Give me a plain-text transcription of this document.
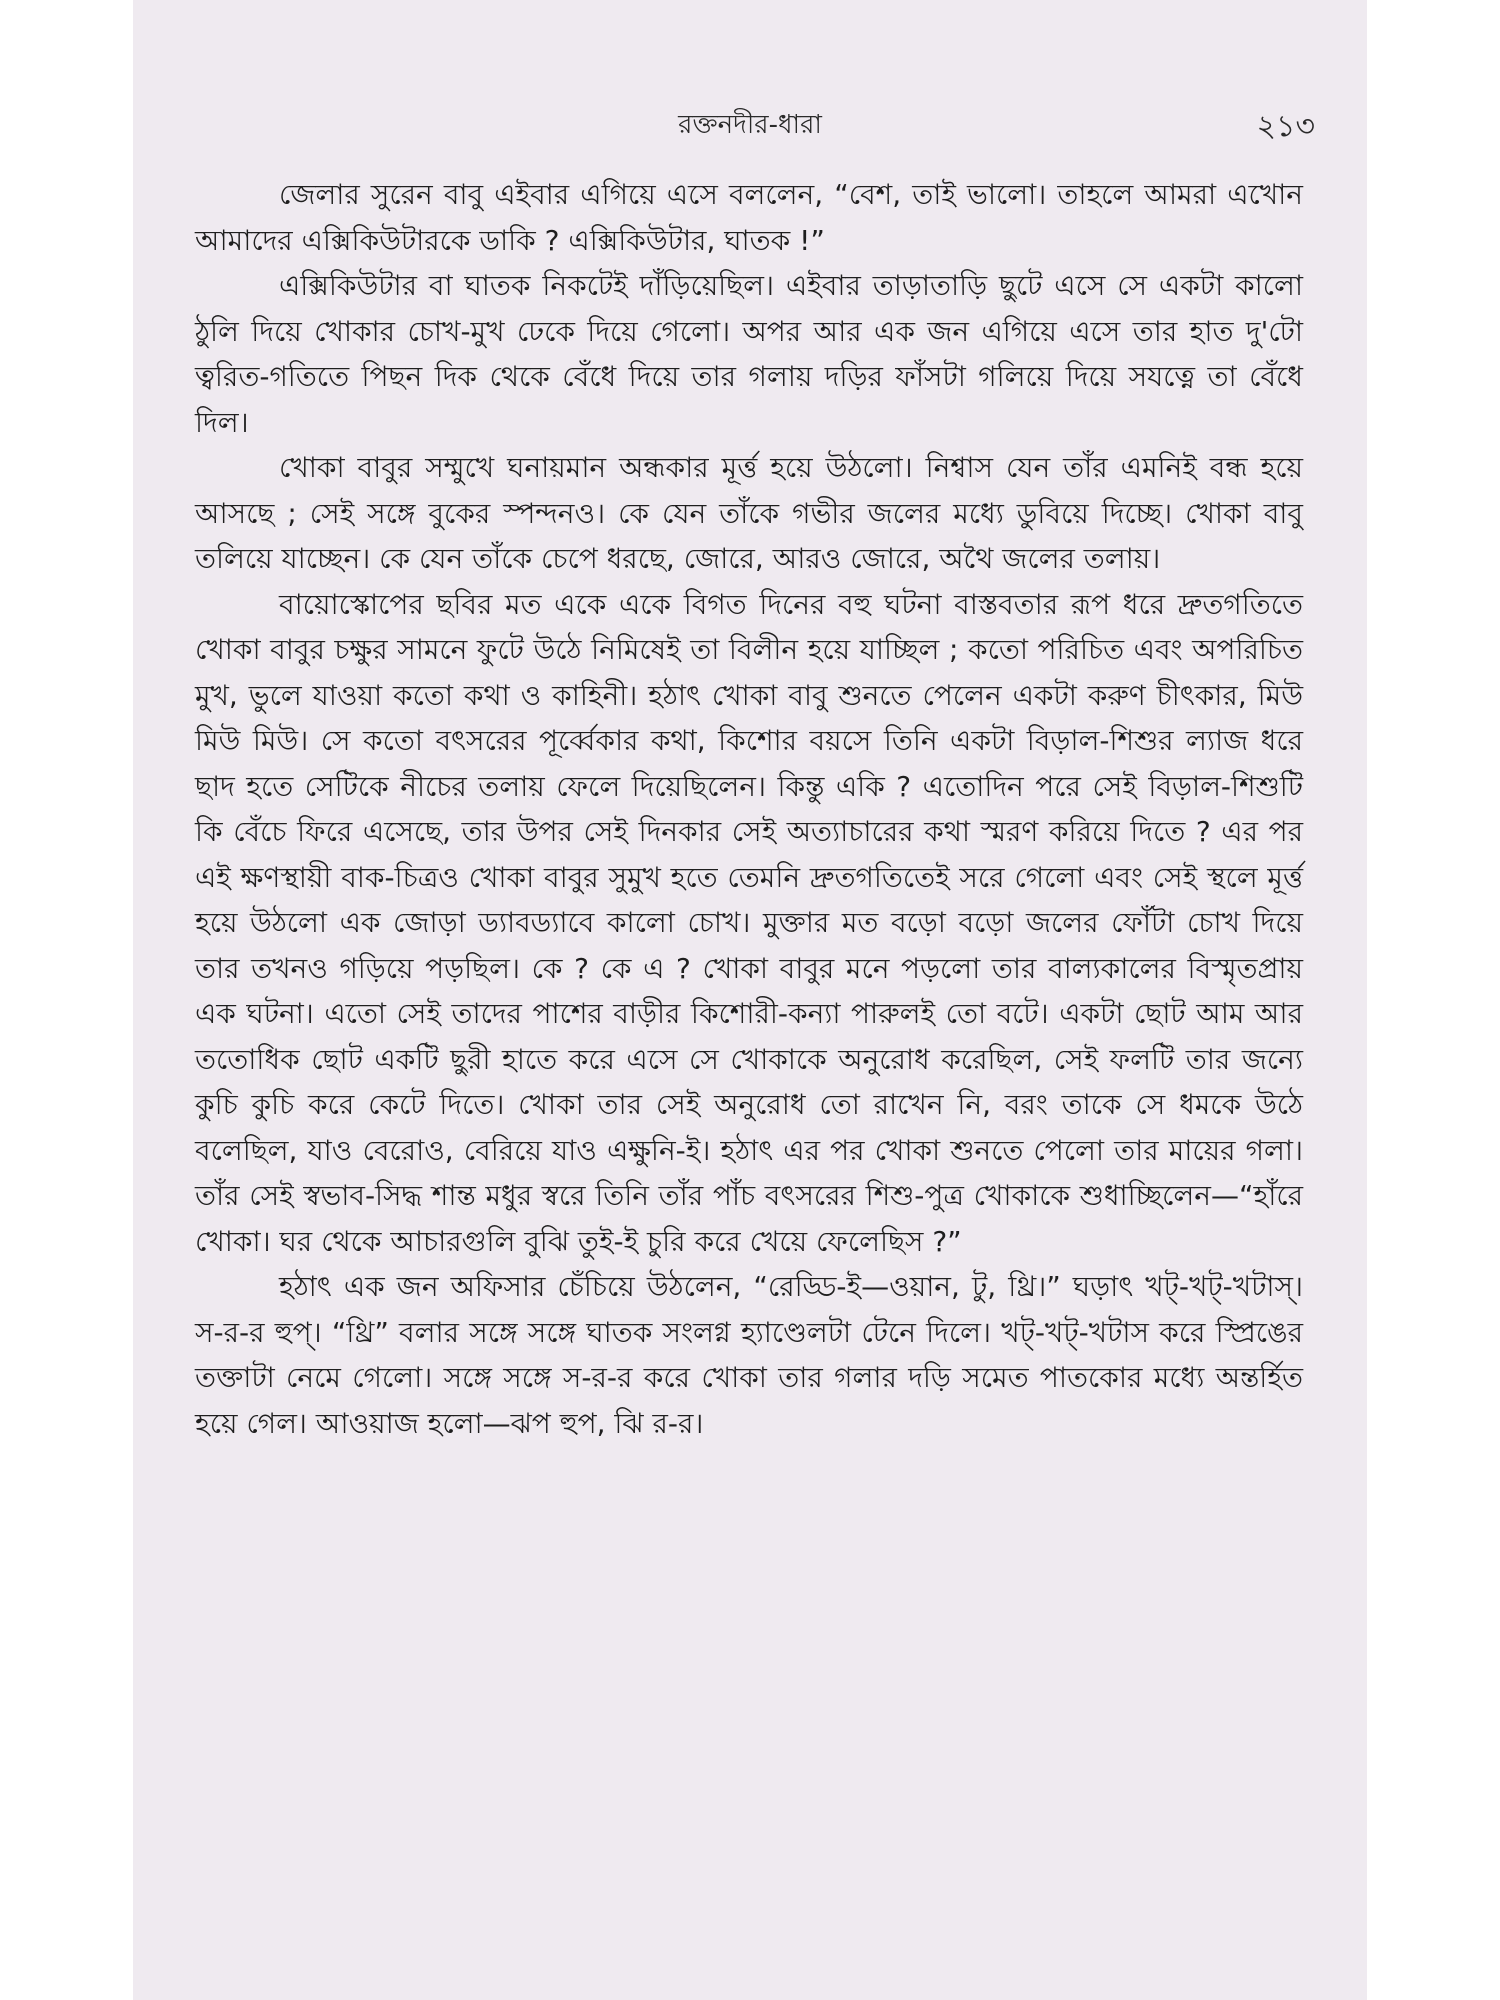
রক্তনদীর-ধারা	২১৩

জেলার সুরেন বাবু এইবার এগিয়ে এসে বললেন, “বেশ, তাই ভালো। তাহলে আমরা এখোন আমাদের এক্সিকিউটারকে ডাকি ? এক্সিকিউটার, ঘাতক !”

এক্সিকিউটার বা ঘাতক নিকটেই দাঁড়িয়েছিল। এইবার তাড়াতাড়ি ছুটে এসে সে একটা কালো ঠুলি দিয়ে খোকার চোখ-মুখ ঢেকে দিয়ে গেলো। অপর আর এক জন এগিয়ে এসে তার হাত দু'টো ত্বরিত-গতিতে পিছন দিক থেকে বেঁধে দিয়ে তার গলায় দড়ির ফাঁসটা গলিয়ে দিয়ে সযত্নে তা বেঁধে দিল।

খোকা বাবুর সম্মুখে ঘনায়মান অন্ধকার মূর্ত্ত হয়ে উঠলো। নিশ্বাস যেন তাঁর এমনিই বন্ধ হয়ে আসছে ; সেই সঙ্গে বুকের স্পন্দনও। কে যেন তাঁকে গভীর জলের মধ্যে ডুবিয়ে দিচ্ছে। খোকা বাবু তলিয়ে যাচ্ছেন। কে যেন তাঁকে চেপে ধরছে, জোরে, আরও জোরে, অথৈ জলের তলায়।

বায়োস্কোপের ছবির মত একে একে বিগত দিনের বহু ঘটনা বাস্তবতার রূপ ধরে দ্রুতগতিতে খোকা বাবুর চক্ষুর সামনে ফুটে উঠে নিমিষেই তা বিলীন হয়ে যাচ্ছিল ; কতো পরিচিত এবং অপরিচিত মুখ, ভুলে যাওয়া কতো কথা ও কাহিনী। হঠাৎ খোকা বাবু শুনতে পেলেন একটা করুণ চীৎকার, মিউ মিউ মিউ। সে কতো বৎসরের পূর্ব্বেকার কথা, কিশোর বয়সে তিনি একটা বিড়াল-শিশুর ল্যাজ ধরে ছাদ হতে সেটিকে নীচের তলায় ফেলে দিয়েছিলেন। কিন্তু একি ? এতোদিন পরে সেই বিড়াল-শিশুটি কি বেঁচে ফিরে এসেছে, তার উপর সেই দিনকার সেই অত্যাচারের কথা স্মরণ করিয়ে দিতে ? এর পর এই ক্ষণস্থায়ী বাক-চিত্রও খোকা বাবুর সুমুখ হতে তেমনি দ্রুতগতিতেই সরে গেলো এবং সেই স্থলে মূর্ত্ত হয়ে উঠলো এক জোড়া ড্যাবড্যাবে কালো চোখ। মুক্তার মত বড়ো বড়ো জলের ফোঁটা চোখ দিয়ে তার তখনও গড়িয়ে পড়ছিল। কে ? কে এ ? খোকা বাবুর মনে পড়লো তার বাল্যকালের বিস্মৃতপ্রায় এক ঘটনা। এতো সেই তাদের পাশের বাড়ীর কিশোরী-কন্যা পারুলই তো বটে। একটা ছোট আম আর ততোধিক ছোট একটি ছুরী হাতে করে এসে সে খোকাকে অনুরোধ করেছিল, সেই ফলটি তার জন্যে কুচি কুচি করে কেটে দিতে। খোকা তার সেই অনুরোধ তো রাখেন নি, বরং তাকে সে ধমকে উঠে বলেছিল, যাও বেরোও, বেরিয়ে যাও এক্ষুনি-ই। হঠাৎ এর পর খোকা শুনতে পেলো তার মায়ের গলা। তাঁর সেই স্বভাব-সিদ্ধ শান্ত মধুর স্বরে তিনি তাঁর পাঁচ বৎসরের শিশু-পুত্র খোকাকে শুধাচ্ছিলেন—“হাঁরে খোকা। ঘর থেকে আচারগুলি বুঝি তুই-ই চুরি করে খেয়ে ফেলেছিস ?”

হঠাৎ এক জন অফিসার চেঁচিয়ে উঠলেন, “রেড্ডি-ই—ওয়ান, টু, থ্রি।” ঘড়াৎ খট্-খট্-খটাস্। স-র-র হুপ্। “থ্রি” বলার সঙ্গে সঙ্গে ঘাতক সংলগ্ন হ্যাণ্ডেলটা টেনে দিলে। খট্-খট্-খটাস করে স্প্রিঙের তক্তাটা নেমে গেলো। সঙ্গে সঙ্গে স-র-র করে খোকা তার গলার দড়ি সমেত পাতকোর মধ্যে অন্তর্হিত হয়ে গেল। আওয়াজ হলো—ঝপ হুপ, ঝি র-র।
